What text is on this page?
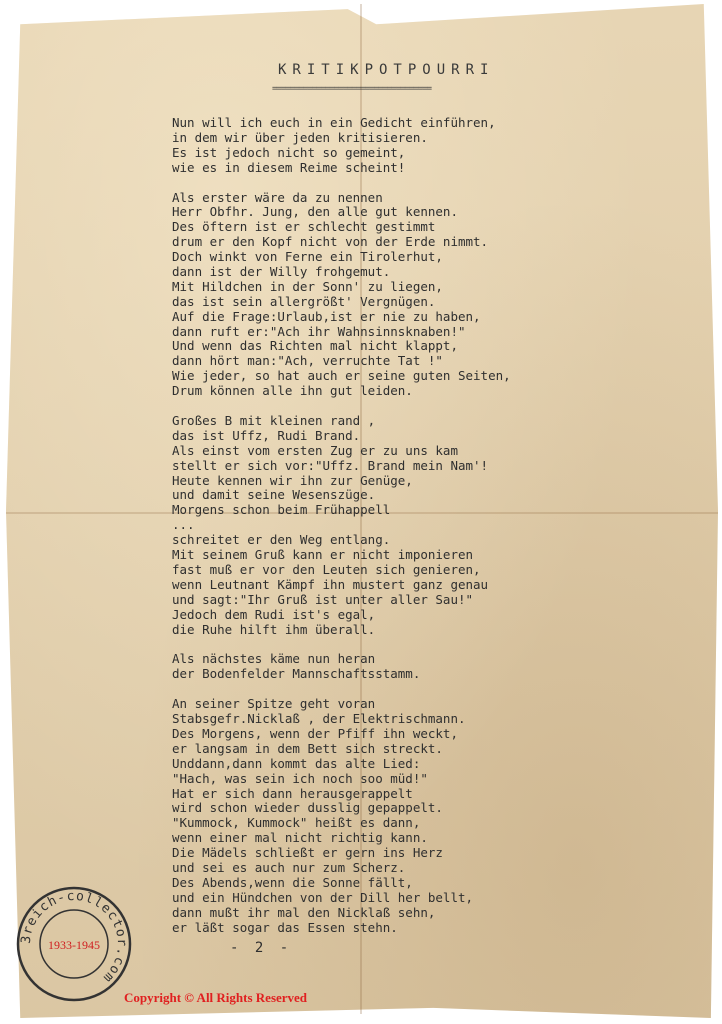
KRITIKPOTPOURRI
====================================
Nun will ich euch in ein Gedicht einführen,
in dem wir über jeden kritisieren.
Es ist jedoch nicht so gemeint,
wie es in diesem Reime scheint!
Als erster wäre da zu nennen
Herr Obfhr. Jung, den alle gut kennen.
Des öftern ist er schlecht gestimmt
drum er den Kopf nicht von der Erde nimmt.
Doch winkt von Ferne ein Tirolerhut,
dann ist der Willy frohgemut.
Mit Hildchen in der Sonn' zu liegen,
das ist sein allergrößt' Vergnügen.
Auf die Frage:Urlaub,ist er nie zu haben,
dann ruft er:"Ach ihr Wahnsinnsknaben!"
Und wenn das Richten mal nicht klappt,
dann hört man:"Ach, verruchte Tat !"
Wie jeder, so hat auch er seine guten Seiten,
Drum können alle ihn gut leiden.
Großes B mit kleinen rand ,
das ist Uffz, Rudi Brand.
Als einst vom ersten Zug er zu uns kam
stellt er sich vor:"Uffz. Brand mein Nam'!
Heute kennen wir ihn zur Genüge,
und damit seine Wesenszüge.
Morgens schon beim Frühappell
...
schreitet er den Weg entlang.
Mit seinem Gruß kann er nicht imponieren
fast muß er vor den Leuten sich genieren,
wenn Leutnant Kämpf ihn mustert ganz genau
und sagt:"Ihr Gruß ist unter aller Sau!"
Jedoch dem Rudi ist's egal,
die Ruhe hilft ihm überall.
Als nächstes käme nun heran
der Bodenfelder Mannschaftsstamm.
An seiner Spitze geht voran
Stabsgefr.Nicklaß , der Elektrischmann.
Des Morgens, wenn der Pfiff ihn weckt,
er langsam in dem Bett sich streckt.
Unddann,dann kommt das alte Lied:
"Hach, was sein ich noch soo müd!"
Hat er sich dann herausgerappelt
wird schon wieder dusslig gepappelt.
"Kummock, Kummock" heißt es dann,
wenn einer mal nicht richtig kann.
Die Mädels schließt er gern ins Herz
und sei es auch nur zum Scherz.
Des Abends,wenn die Sonne fällt,
und ein Hündchen von der Dill her bellt,
dann mußt ihr mal den Nicklaß sehn,
er läßt sogar das Essen stehn.
- 2 -
3reich-collector.com
1933-1945
Copyright © All Rights Reserved
